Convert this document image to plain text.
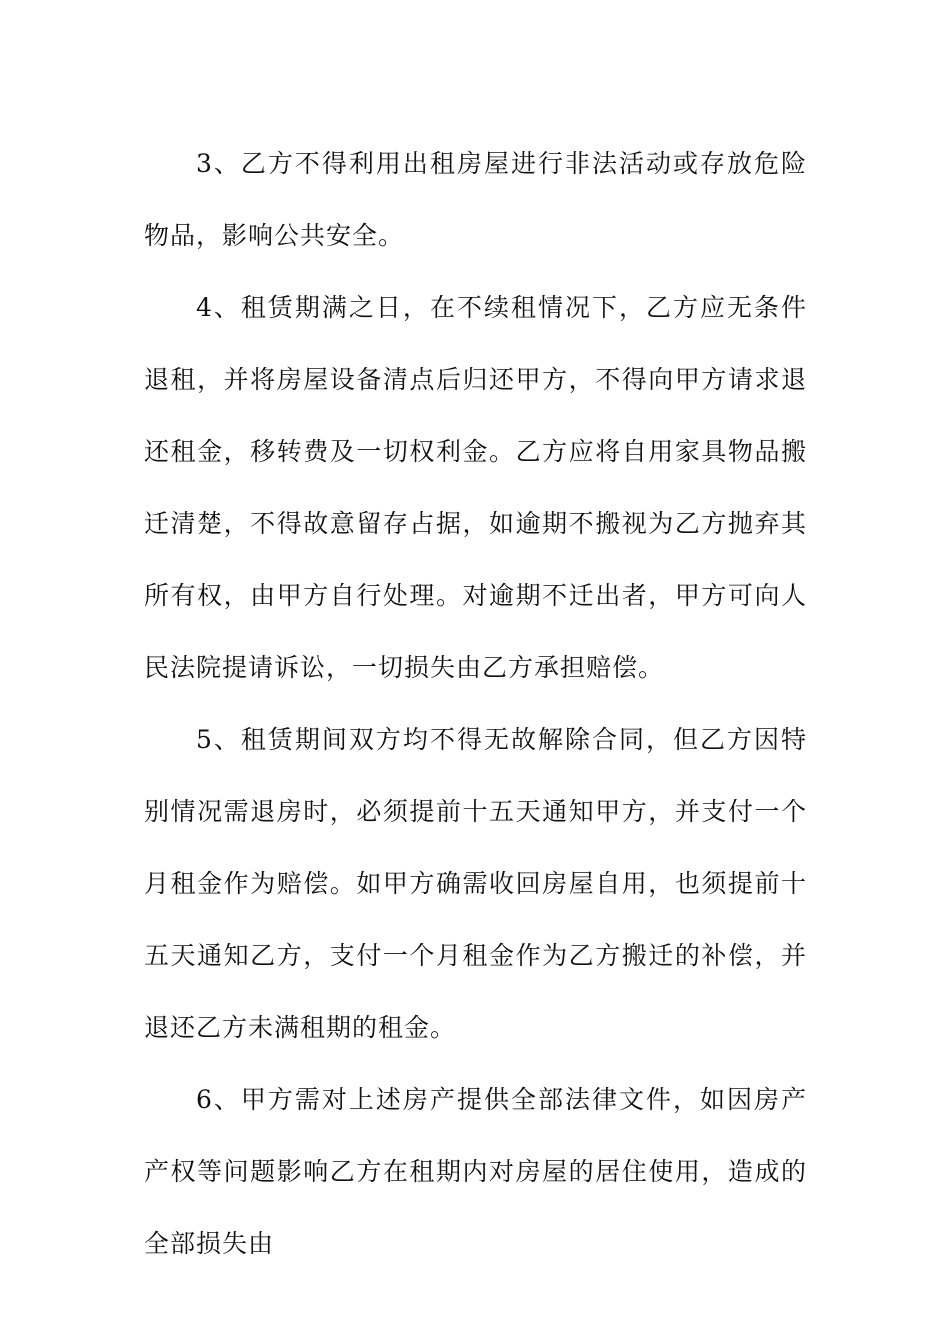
3、乙方不得利用出租房屋进行非法活动或存放危险物品，影响公共安全。

4、租赁期满之日，在不续租情况下，乙方应无条件退租，并将房屋设备清点后归还甲方，不得向甲方请求退还租金，移转费及一切权利金。乙方应将自用家具物品搬迁清楚，不得故意留存占据，如逾期不搬视为乙方抛弃其所有权，由甲方自行处理。对逾期不迁出者，甲方可向人民法院提请诉讼，一切损失由乙方承担赔偿。

5、租赁期间双方均不得无故解除合同，但乙方因特别情况需退房时，必须提前十五天通知甲方，并支付一个月租金作为赔偿。如甲方确需收回房屋自用，也须提前十五天通知乙方，支付一个月租金作为乙方搬迁的补偿，并退还乙方未满租期的租金。

6、甲方需对上述房产提供全部法律文件，如因房产产权等问题影响乙方在租期内对房屋的居住使用，造成的全部损失由
